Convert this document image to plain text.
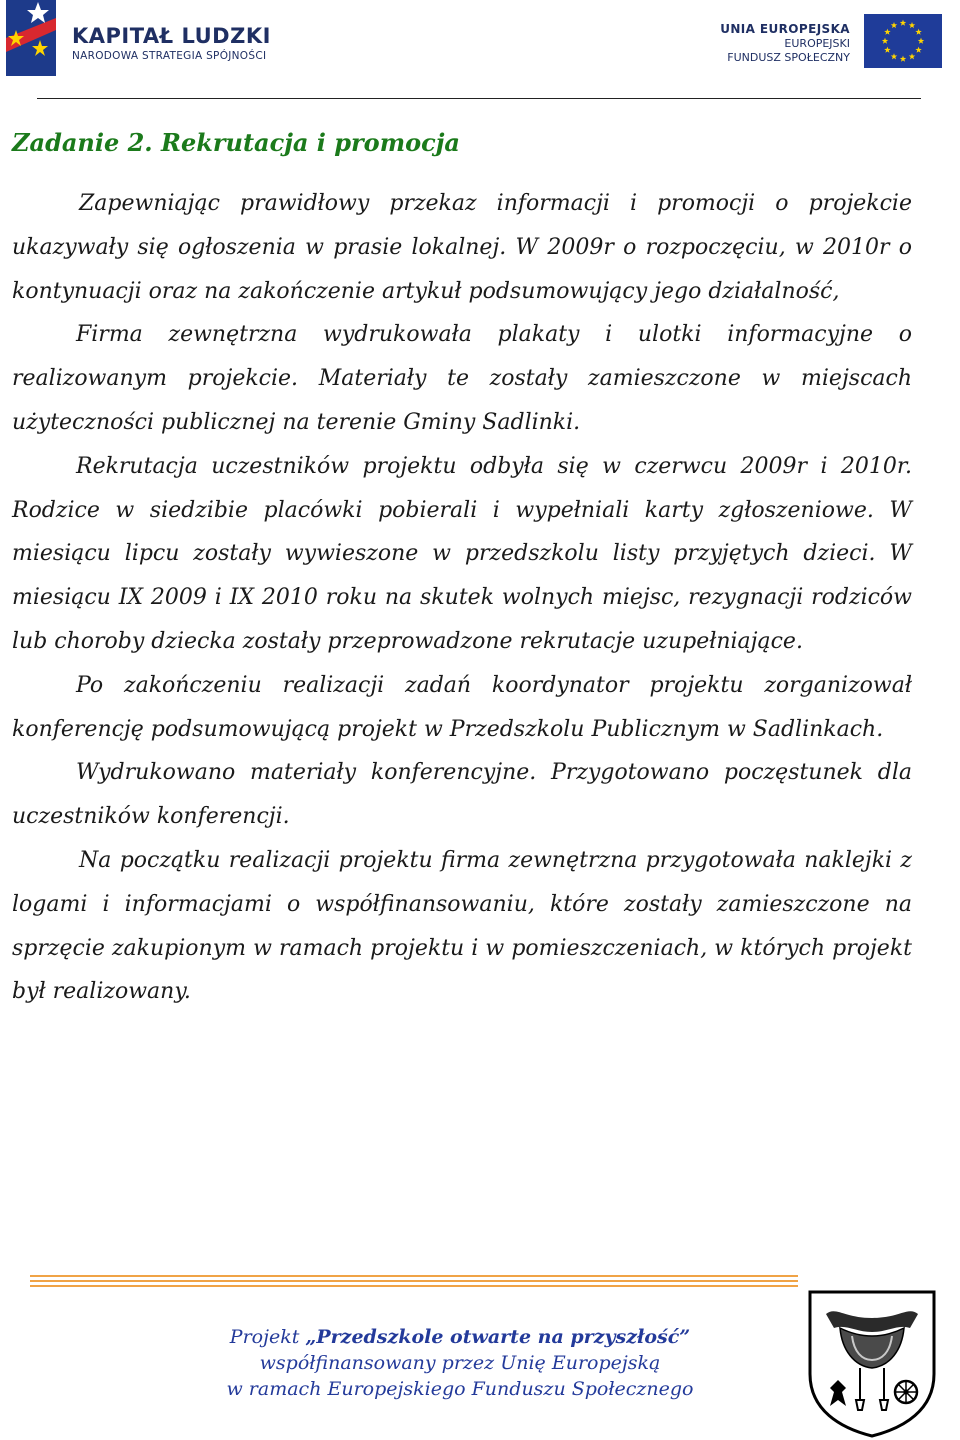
KAPITAŁ LUDZKI
NARODOWA STRATEGIA SPÓJNOŚCI
UNIA EUROPEJSKA
EUROPEJSKI
FUNDUSZ SPOŁECZNY
Zadanie 2. Rekrutacja i promocja

Zapewniając prawidłowy przekaz informacji i promocji o projekcie ukazywały się ogłoszenia w prasie lokalnej. W 2009r o rozpoczęciu, w 2010r o kontynuacji oraz na zakończenie artykuł podsumowujący jego działalność,

Firma zewnętrzna wydrukowała plakaty i ulotki informacyjne o realizowanym projekcie. Materiały te zostały zamieszczone w miejscach użyteczności publicznej na terenie Gminy Sadlinki.

Rekrutacja uczestników projektu odbyła się w czerwcu 2009r i 2010r. Rodzice w siedzibie placówki pobierali i wypełniali karty zgłoszeniowe. W miesiącu lipcu zostały wywieszone w przedszkolu listy przyjętych dzieci. W miesiącu IX 2009 i IX 2010 roku na skutek wolnych miejsc, rezygnacji rodziców lub choroby dziecka zostały przeprowadzone rekrutacje uzupełniające.

Po zakończeniu realizacji zadań koordynator projektu zorganizował konferencję podsumowującą projekt w Przedszkolu Publicznym w Sadlinkach.

Wydrukowano materiały konferencyjne. Przygotowano poczęstunek dla uczestników konferencji.

Na początku realizacji projektu firma zewnętrzna przygotowała naklejki z logami i informacjami o współfinansowaniu, które zostały zamieszczone na sprzęcie zakupionym w ramach projektu i w pomieszczeniach, w których projekt był realizowany.

Projekt „Przedszkole otwarte na przyszłość”
współfinansowany przez Unię Europejską
w ramach Europejskiego Funduszu Społecznego
